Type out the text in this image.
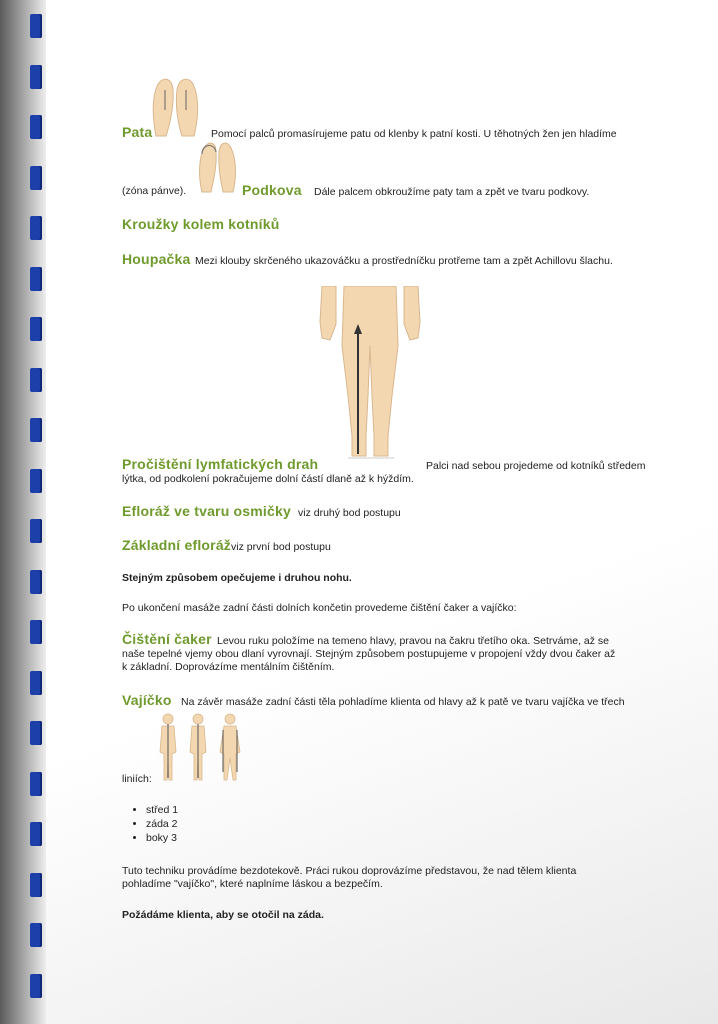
Pata	Pomocí palců promasírujeme patu od klenby k patní kosti. U těhotných žen jen hladíme
(zóna pánve).	Podkova Dále palcem obkroužíme paty tam a zpět ve tvaru podkovy.
Kroužky kolem kotníků
Houpačka Mezi klouby skrčeného ukazováčku a prostředníčku protřeme tam a zpět Achillovu šlachu.
Pročištění lymfatických drah	Palci nad sebou projedeme od kotníků středem
lýtka, od podkolení pokračujeme dolní částí dlaně až k hýždím.
Efloráž ve tvaru osmičky viz druhý bod postupu
Základní efloráž viz první bod postupu
Stejným způsobem opečujeme i druhou nohu.
Po ukončení masáže zadní části dolních končetin provedeme čištění čaker a vajíčko:
Čištění čaker Levou ruku položíme na temeno hlavy, pravou na čakru třetího oka. Setrváme, až se
naše tepelné vjemy obou dlaní vyrovnají. Stejným způsobem postupujeme v propojení vždy dvou čaker až
k základní. Doprovázíme mentálním čištěním.
Vajíčko Na závěr masáže zadní části těla pohladíme klienta od hlavy až k patě ve tvaru vajíčka ve třech
liniích:
• střed 1
• záda 2
• boky 3
Tuto techniku provádíme bezdotekově. Práci rukou doprovázíme představou, že nad tělem klienta
pohladíme "vajíčko", které naplníme láskou a bezpečím.
Požádáme klienta, aby se otočil na záda.
